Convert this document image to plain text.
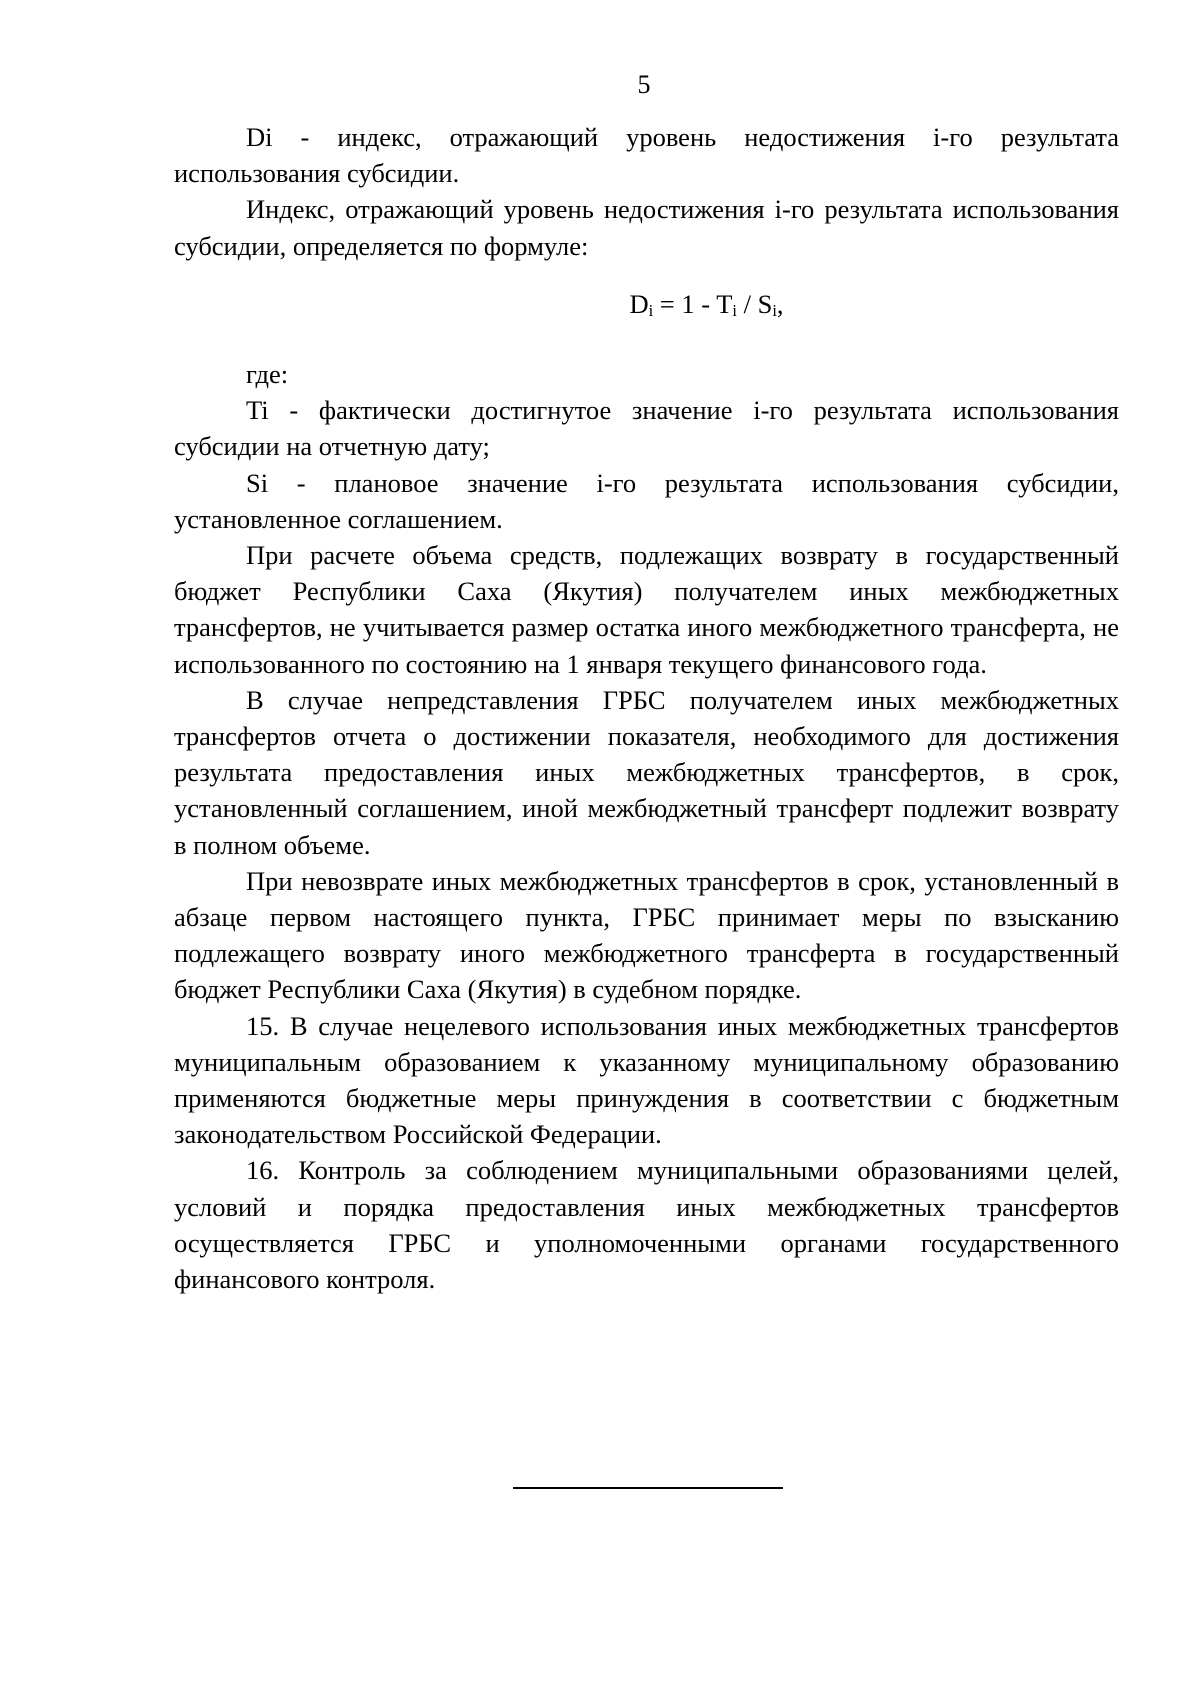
5

Di - индекс, отражающий уровень недостижения i-го результата использования субсидии.

Индекс, отражающий уровень недостижения i-го результата использования субсидии, определяется по формуле:

$D_i = 1 - T_i / S_i$,

где:

Ti - фактически достигнутое значение i-го результата использования субсидии на отчетную дату;

Si - плановое значение i-го результата использования субсидии, установленное соглашением.

При расчете объема средств, подлежащих возврату в государственный бюджет Республики Саха (Якутия) получателем иных межбюджетных трансфертов, не учитывается размер остатка иного межбюджетного трансферта, не использованного по состоянию на 1 января текущего финансового года.

В случае непредставления ГРБС получателем иных межбюджетных трансфертов отчета о достижении показателя, необходимого для достижения результата предоставления иных межбюджетных трансфертов, в срок, установленный соглашением, иной межбюджетный трансферт подлежит возврату в полном объеме.

При невозврате иных межбюджетных трансфертов в срок, установленный в абзаце первом настоящего пункта, ГРБС принимает меры по взысканию подлежащего возврату иного межбюджетного трансферта в государственный бюджет Республики Саха (Якутия) в судебном порядке.

15. В случае нецелевого использования иных межбюджетных трансфертов муниципальным образованием к указанному муниципальному образованию применяются бюджетные меры принуждения в соответствии с бюджетным законодательством Российской Федерации.

16. Контроль за соблюдением муниципальными образованиями целей, условий и порядка предоставления иных межбюджетных трансфертов осуществляется ГРБС и уполномоченными органами государственного финансового контроля.
